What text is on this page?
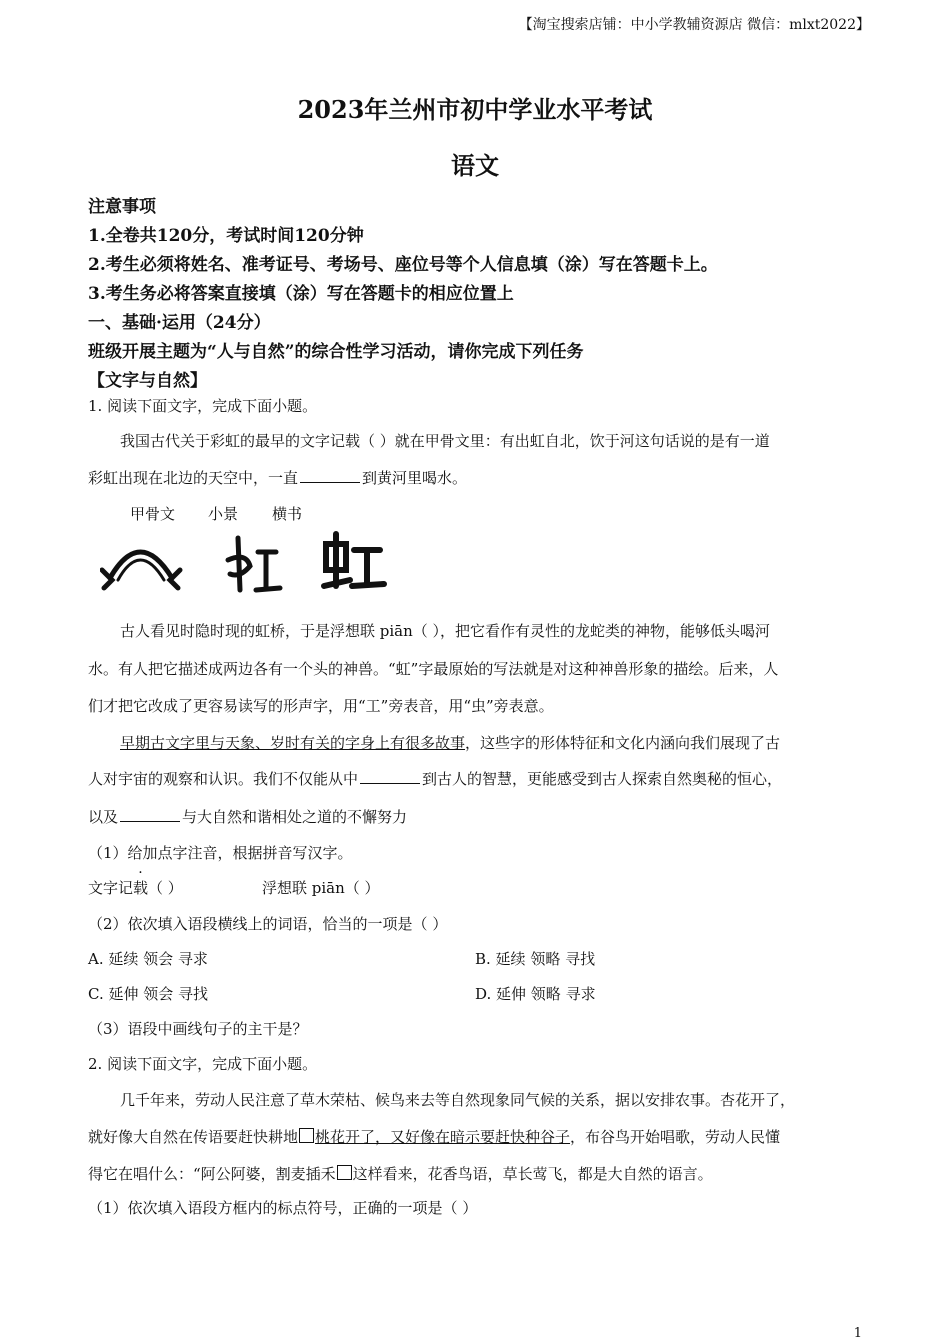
【淘宝搜索店铺：中小学教辅资源店 微信：mlxt2022】
2023年兰州市初中学业水平考试
语文
注意事项
1.全卷共120分，考试时间120分钟
2.考生必须将姓名、准考证号、考场号、座位号等个人信息填（涂）写在答题卡上。
3.考生务必将答案直接填（涂）写在答题卡的相应位置上
一、基础·运用（24分）
班级开展主题为“人与自然”的综合性学习活动，请你完成下列任务
【文字与自然】
1. 阅读下面文字，完成下面小题。
我国古代关于彩虹的最早的文字记载（ ）就在甲骨文里：有出虹自北，饮于河这句话说的是有一道
彩虹出现在北边的天空中，一直	到黄河里喝水。
甲骨文 小景 横书
古人看见时隐时现的虹桥，于是浮想联 piān（ ），把它看作有灵性的龙蛇类的神物，能够低头喝河
水。有人把它描述成两边各有一个头的神兽。“虹”字最原始的写法就是对这种神兽形象的描绘。后来，人
们才把它改成了更容易读写的形声字，用“工”旁表音，用“虫”旁表意。
早期古文字里与天象、岁时有关的字身上有很多故事，这些字的形体特征和文化内涵向我们展现了古
人对宇宙的观察和认识。我们不仅能从中	到古人的智慧，更能感受到古人探索自然奥秘的恒心，
以及	与大自然和谐相处之道的不懈努力
（1）给加点字注音，根据拼音写汉字。
文字记载（ ）	浮想联 piān（ ）
（2）依次填入语段横线上的词语，恰当的一项是（ ）
A. 延续 领会 寻求	B. 延续 领略 寻找
C. 延伸 领会 寻找	D. 延伸 领略 寻求
（3）语段中画线句子的主干是？
2. 阅读下面文字，完成下面小题。
几千年来，劳动人民注意了草木荣枯、候鸟来去等自然现象同气候的关系，据以安排农事。杏花开了，
就好像大自然在传语要赶快耕地 桃花开了，又好像在暗示要赶快种谷子，布谷鸟开始唱歌，劳动人民懂
得它在唱什么：“阿公阿婆，割麦插禾 这样看来，花香鸟语，草长莺飞，都是大自然的语言。
（1）依次填入语段方框内的标点符号，正确的一项是（ ）
1
